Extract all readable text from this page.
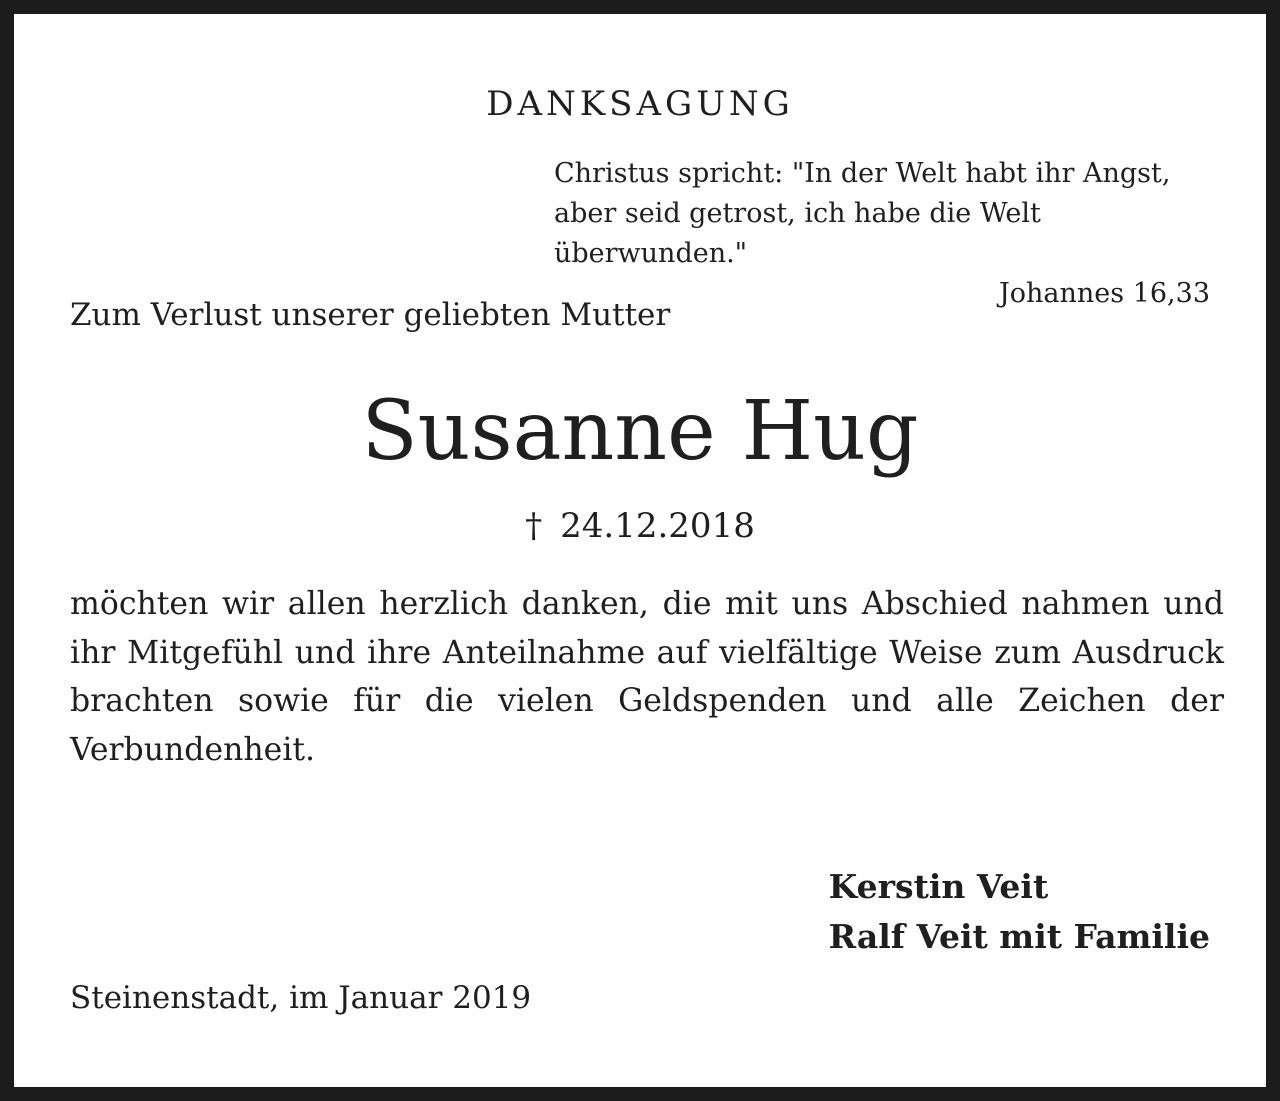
DANKSAGUNG
Christus spricht: "In der Welt habt ihr Angst,
aber seid getrost, ich habe die Welt überwunden."
Johannes 16,33
Zum Verlust unserer geliebten Mutter
Susanne Hug
† 24.12.2018
möchten wir allen herzlich danken, die mit uns Abschied nahmen und ihr Mitgefühl und ihre Anteilnahme auf vielfältige Weise zum Ausdruck brachten sowie für die vielen Geldspenden und alle Zeichen der Verbundenheit.
Kerstin Veit
Ralf Veit mit Familie
Steinenstadt, im Januar 2019
